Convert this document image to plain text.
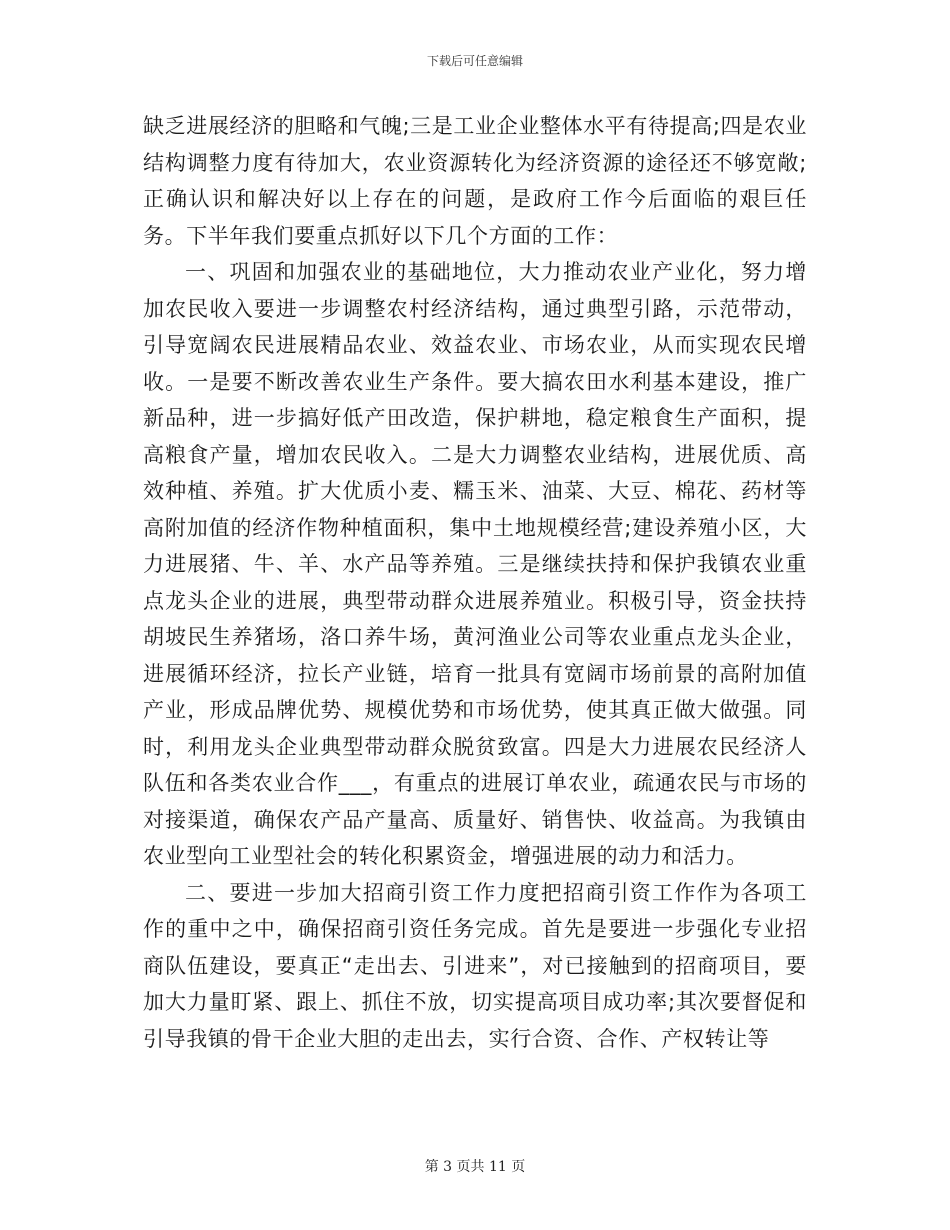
下载后可任意编辑

缺乏进展经济的胆略和气魄;三是工业企业整体水平有待提高;四是农业结构调整力度有待加大，农业资源转化为经济资源的途径还不够宽敞;正确认识和解决好以上存在的问题，是政府工作今后面临的艰巨任务。下半年我们要重点抓好以下几个方面的工作：

一、巩固和加强农业的基础地位，大力推动农业产业化，努力增加农民收入要进一步调整农村经济结构，通过典型引路，示范带动，引导宽阔农民进展精品农业、效益农业、市场农业，从而实现农民增收。一是要不断改善农业生产条件。要大搞农田水利基本建设，推广新品种，进一步搞好低产田改造，保护耕地，稳定粮食生产面积，提高粮食产量，增加农民收入。二是大力调整农业结构，进展优质、高效种植、养殖。扩大优质小麦、糯玉米、油菜、大豆、棉花、药材等高附加值的经济作物种植面积，集中土地规模经营;建设养殖小区，大力进展猪、牛、羊、水产品等养殖。三是继续扶持和保护我镇农业重点龙头企业的进展，典型带动群众进展养殖业。积极引导，资金扶持胡坡民生养猪场，洛口养牛场，黄河渔业公司等农业重点龙头企业，进展循环经济，拉长产业链，培育一批具有宽阔市场前景的高附加值产业，形成品牌优势、规模优势和市场优势，使其真正做大做强。同时，利用龙头企业典型带动群众脱贫致富。四是大力进展农民经济人队伍和各类农业合作___，有重点的进展订单农业，疏通农民与市场的对接渠道，确保农产品产量高、质量好、销售快、收益高。为我镇由农业型向工业型社会的转化积累资金，增强进展的动力和活力。

二、要进一步加大招商引资工作力度把招商引资工作作为各项工作的重中之中，确保招商引资任务完成。首先是要进一步强化专业招商队伍建设，要真正“走出去、引进来”，对已接触到的招商项目，要加大力量盯紧、跟上、抓住不放，切实提高项目成功率;其次要督促和引导我镇的骨干企业大胆的走出去，实行合资、合作、产权转让等

第 3 页共 11 页
